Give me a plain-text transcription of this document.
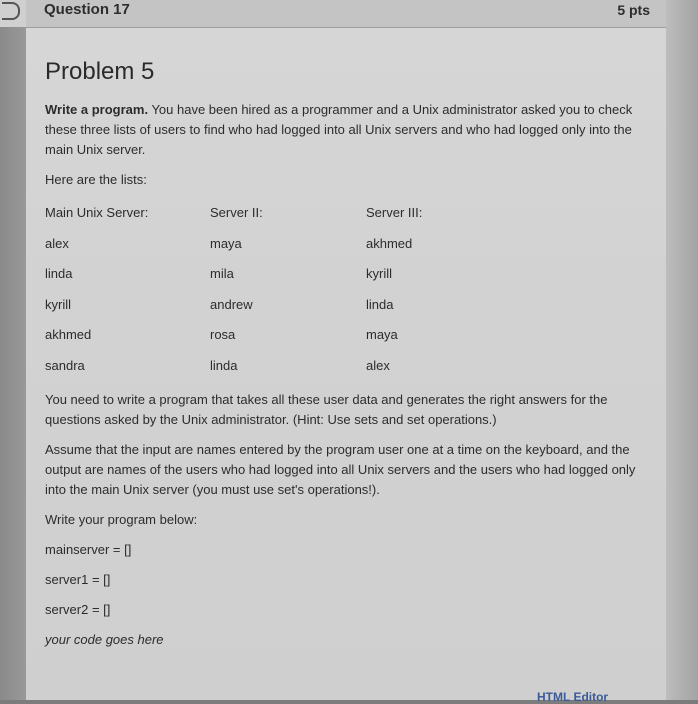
Question 17	5 pts
Problem 5

Write a program. You have been hired as a programmer and a Unix administrator asked you to check these three lists of users to find who had logged into all Unix servers and who had logged only into the main Unix server.

Here are the lists:

Main Unix Server:
alex
linda
kyrill
akhmed
sandra
Server II:
maya
mila
andrew
rosa
linda
Server III:
akhmed
kyrill
linda
maya
alex

You need to write a program that takes all these user data and generates the right answers for the questions asked by the Unix administrator. (Hint: Use sets and set operations.)

Assume that the input are names entered by the program user one at a time on the keyboard, and the output are names of the users who had logged into all Unix servers and the users who had logged only into the main Unix server (you must use set's operations!).

Write your program below:

mainserver = []

server1 = []

server2 = []

your code goes here

HTML Editor
